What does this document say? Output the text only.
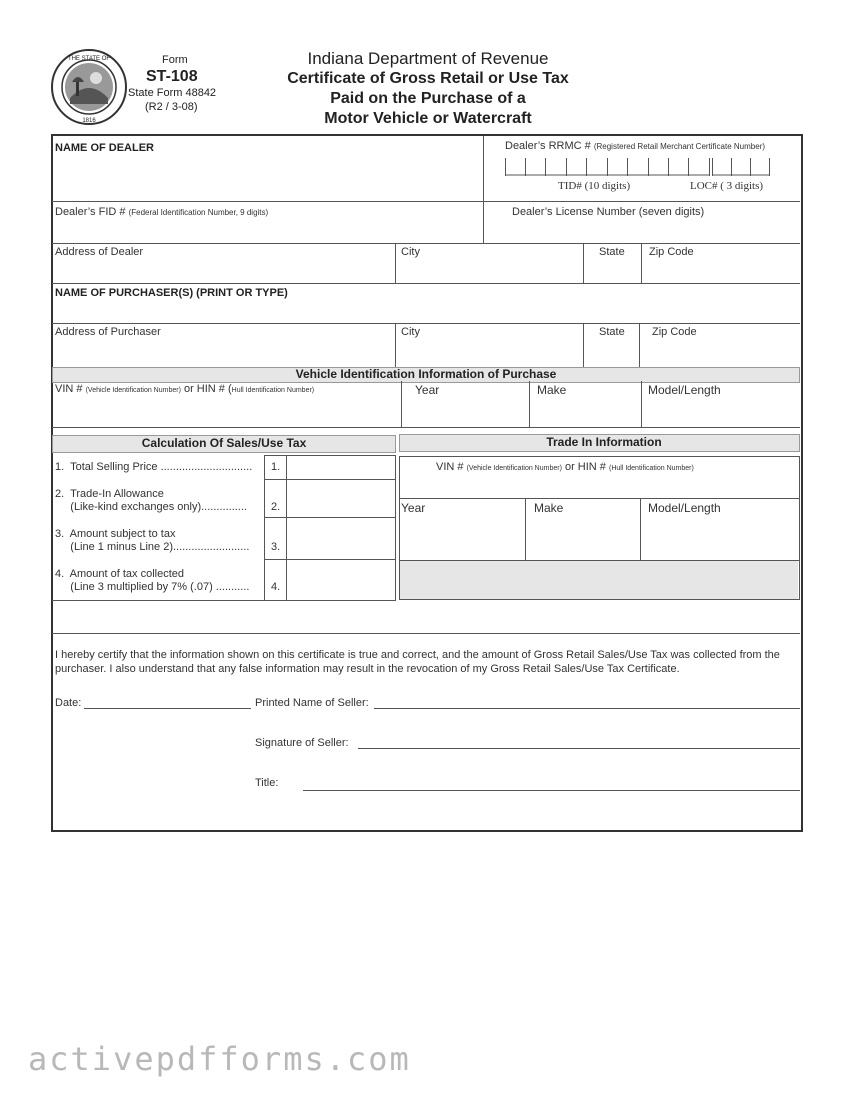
THE STATE OF
1816
Form
ST-108
State Form 48842
(R2 / 3-08)
Indiana Department of Revenue
Certificate of Gross Retail or Use Tax
Paid on the Purchase of a
Motor Vehicle or Watercraft
NAME OF DEALER	Dealer’s RRMC # (Registered Retail Merchant Certificate Number)
TID# (10 digits)	LOC# ( 3 digits)
Dealer’s FID # (Federal Identification Number, 9 digits)	Dealer’s License Number (seven digits)
Address of Dealer	City	State Zip Code
NAME OF PURCHASER(S) (PRINT OR TYPE)
Address of Purchaser	City	State Zip Code
Vehicle Identification Information of Purchase
VIN # (Vehicle Identification Number) or HIN # (Hull Identification Number)	Year	Make	Model/Length
Calculation Of Sales/Use Tax
1.  Total Selling Price .............................. 1.
2.  Trade-In Allowance
(Like-kind exchanges only)............... 2.
3.  Amount subject to tax
(Line 1 minus Line 2)......................... 3.
4.  Amount of tax collected
(Line 3 multiplied by 7% (.07) ........... 4.
Trade In Information
VIN # (Vehicle Identification Number) or HIN # (Hull Identification Number)
Year	Make	Model/Length
I hereby certify that the information shown on this certificate is true and correct, and the amount of Gross Retail Sales/Use Tax was collected from the purchaser. I also understand that any false information may result in the revocation of my Gross Retail Sales/Use Tax Certificate.
Date:	Printed Name of Seller:
Signature of Seller:
Title:
activepdfforms.com
